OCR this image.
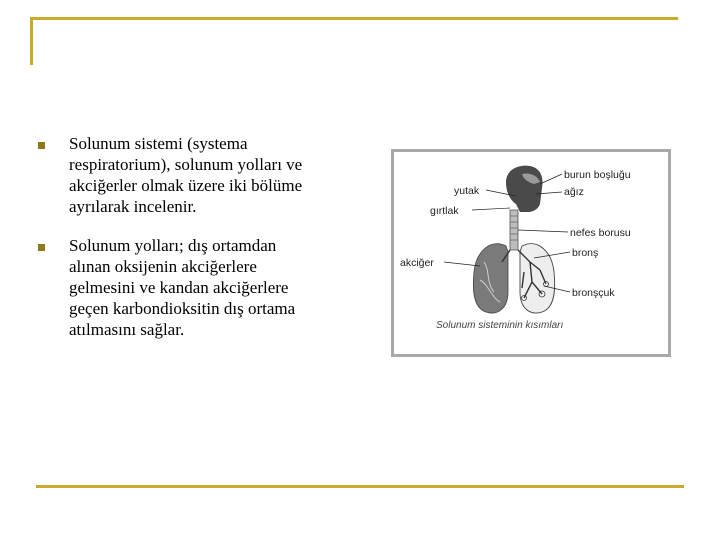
Solunum sistemi (systema
respiratorium), solunum yolları ve
akciğerler olmak üzere iki bölüme
ayrılarak incelenir.
Solunum yolları; dış ortamdan
alınan oksijenin akciğerlere
gelmesini ve kandan akciğerlere
geçen karbondioksitin dış ortama
atılmasını sağlar.
burun boşluğu
ağız
yutak
gırtlak
nefes borusu
bronş
akciğer
bronşçuk
Solunum sisteminin kısımları
